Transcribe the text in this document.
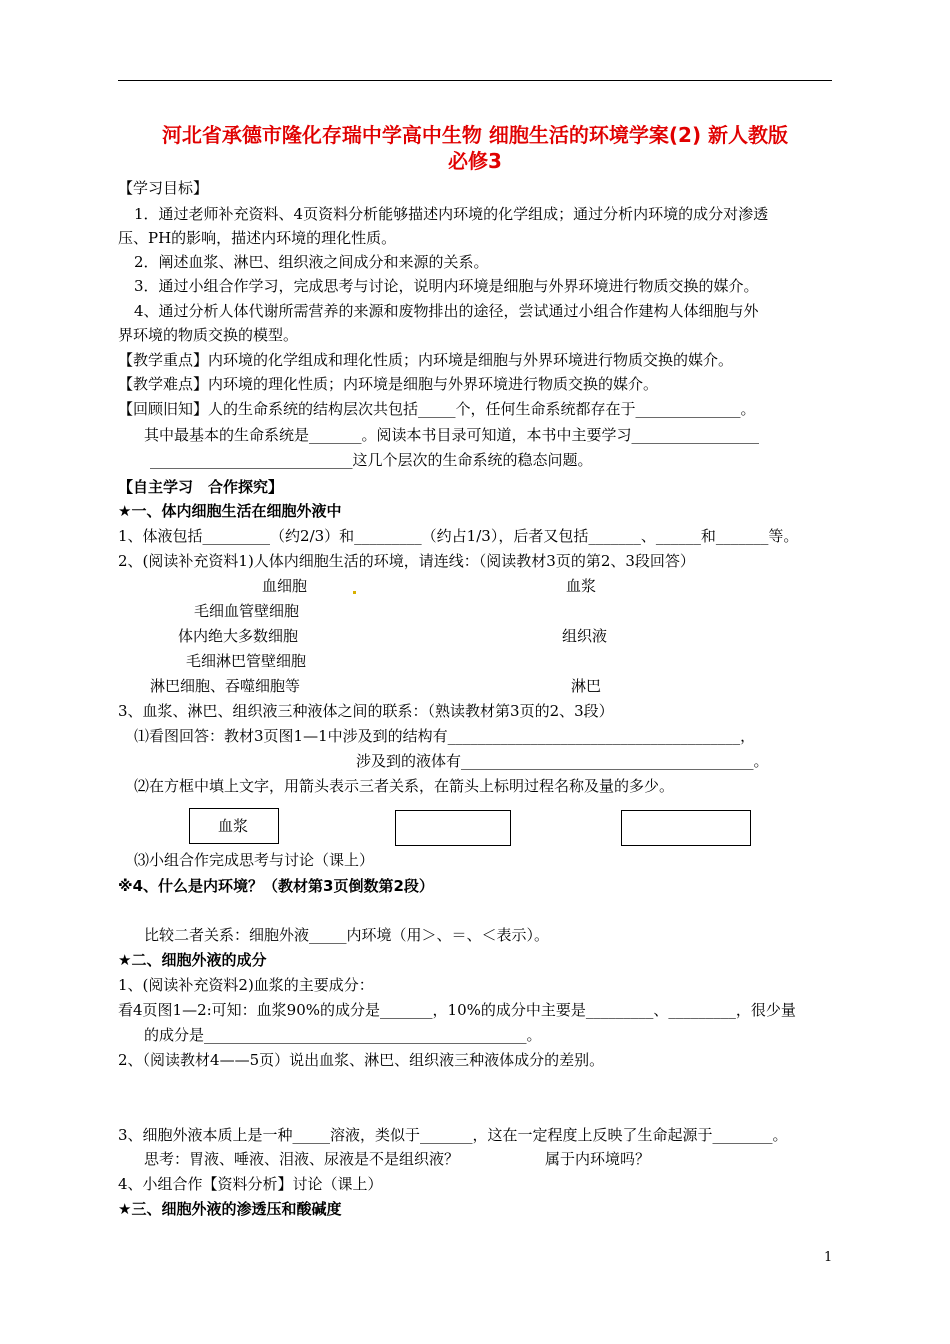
河北省承德市隆化存瑞中学高中生物 细胞生活的环境学案(2) 新人教版
必修3
【学习目标】
1．通过老师补充资料、4页资料分析能够描述内环境的化学组成；通过分析内环境的成分对渗透
压、PH的影响，描述内环境的理化性质。
2．阐述血浆、淋巴、组织液之间成分和来源的关系。
3．通过小组合作学习，完成思考与讨论，说明内环境是细胞与外界环境进行物质交换的媒介。
4、通过分析人体代谢所需营养的来源和废物排出的途径，尝试通过小组合作建构人体细胞与外
界环境的物质交换的模型。
【教学重点】内环境的化学组成和理化性质；内环境是细胞与外界环境进行物质交换的媒介。
【教学难点】内环境的理化性质；内环境是细胞与外界环境进行物质交换的媒介。
【回顾旧知】人的生命系统的结构层次共包括_____个，任何生命系统都存在于______________。
其中最基本的生命系统是_______。阅读本书目录可知道，本书中主要学习_________________
___________________________这几个层次的生命系统的稳态问题。
【自主学习　合作探究】
★一、体内细胞生活在细胞外液中
1、体液包括_________（约2/3）和_________（约占1/3），后者又包括_______、______和_______等。
2、(阅读补充资料1)人体内细胞生活的环境，请连线：（阅读教材3页的第2、3段回答）
血细胞
毛细血管壁细胞
体内绝大多数细胞
毛细淋巴管壁细胞
淋巴细胞、吞噬细胞等
血浆
组织液
淋巴
3、血浆、淋巴、组织液三种液体之间的联系：（熟读教材第3页的2、3段）
⑴看图回答：教材3页图1—1中涉及到的结构有_______________________________________，
涉及到的液体有_______________________________________。
⑵在方框中填上文字，用箭头表示三者关系，在箭头上标明过程名称及量的多少。
血浆
⑶小组合作完成思考与讨论（课上）
※4、什么是内环境？（教材第3页倒数第2段）
比较二者关系：细胞外液_____内环境（用＞、＝、＜表示）。
★二、细胞外液的成分
1、(阅读补充资料2)血浆的主要成分：
看4页图1—2:可知：血浆90%的成分是_______，10%的成分中主要是_________、_________，很少量
的成分是___________________________________________。
2、（阅读教材4——5页）说出血浆、淋巴、组织液三种液体成分的差别。
3、细胞外液本质上是一种_____溶液，类似于_______，这在一定程度上反映了生命起源于________。
思考：胃液、唾液、泪液、尿液是不是组织液？	属于内环境吗？
4、小组合作【资料分析】讨论（课上）
★三、细胞外液的渗透压和酸碱度
1
